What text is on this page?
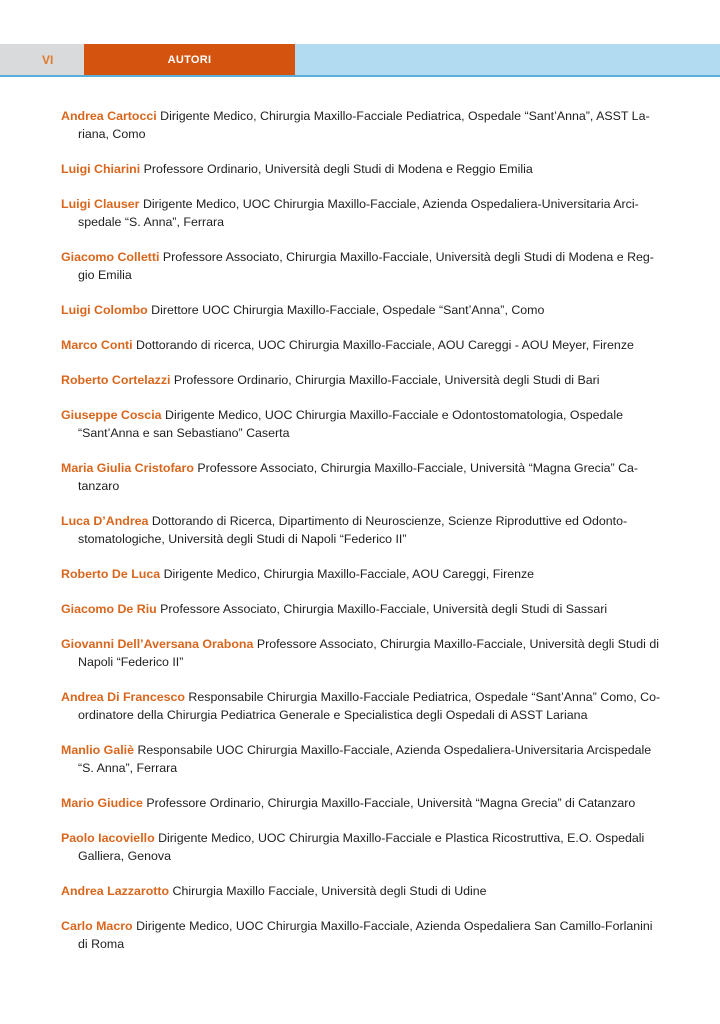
VI	AUTORI
Andrea Cartocci Dirigente Medico, Chirurgia Maxillo-Facciale Pediatrica, Ospedale “Sant’Anna”, ASST La-
riana, Como
Luigi Chiarini Professore Ordinario, Università degli Studi di Modena e Reggio Emilia
Luigi Clauser Dirigente Medico, UOC Chirurgia Maxillo-Facciale, Azienda Ospedaliera-Universitaria Arci-
spedale “S. Anna”, Ferrara
Giacomo Colletti Professore Associato, Chirurgia Maxillo-Facciale, Università degli Studi di Modena e Reg-
gio Emilia
Luigi Colombo Direttore UOC Chirurgia Maxillo-Facciale, Ospedale “Sant’Anna”, Como
Marco Conti Dottorando di ricerca, UOC Chirurgia Maxillo-Facciale, AOU Careggi - AOU Meyer, Firenze
Roberto Cortelazzi Professore Ordinario, Chirurgia Maxillo-Facciale, Università degli Studi di Bari
Giuseppe Coscia Dirigente Medico, UOC Chirurgia Maxillo-Facciale e Odontostomatologia, Ospedale
“Sant’Anna e san Sebastiano” Caserta
Maria Giulia Cristofaro Professore Associato, Chirurgia Maxillo-Facciale, Università “Magna Grecia” Ca-
tanzaro
Luca D’Andrea Dottorando di Ricerca, Dipartimento di Neuroscienze, Scienze Riproduttive ed Odonto-
stomatologiche, Università degli Studi di Napoli “Federico II”
Roberto De Luca Dirigente Medico, Chirurgia Maxillo-Facciale, AOU Careggi, Firenze
Giacomo De Riu Professore Associato, Chirurgia Maxillo-Facciale, Università degli Studi di Sassari
Giovanni Dell’Aversana Orabona Professore Associato, Chirurgia Maxillo-Facciale, Università degli Studi di
Napoli “Federico II”
Andrea Di Francesco Responsabile Chirurgia Maxillo-Facciale Pediatrica, Ospedale “Sant’Anna” Como, Co-
ordinatore della Chirurgia Pediatrica Generale e Specialistica degli Ospedali di ASST Lariana
Manlio Galiè Responsabile UOC Chirurgia Maxillo-Facciale, Azienda Ospedaliera-Universitaria Arcispedale
“S. Anna”, Ferrara
Mario Giudice Professore Ordinario, Chirurgia Maxillo-Facciale, Università “Magna Grecia” di Catanzaro
Paolo Iacoviello Dirigente Medico, UOC Chirurgia Maxillo-Facciale e Plastica Ricostruttiva, E.O. Ospedali
Galliera, Genova
Andrea Lazzarotto Chirurgia Maxillo Facciale, Università degli Studi di Udine
Carlo Macro Dirigente Medico, UOC Chirurgia Maxillo-Facciale, Azienda Ospedaliera San Camillo-Forlanini
di Roma
